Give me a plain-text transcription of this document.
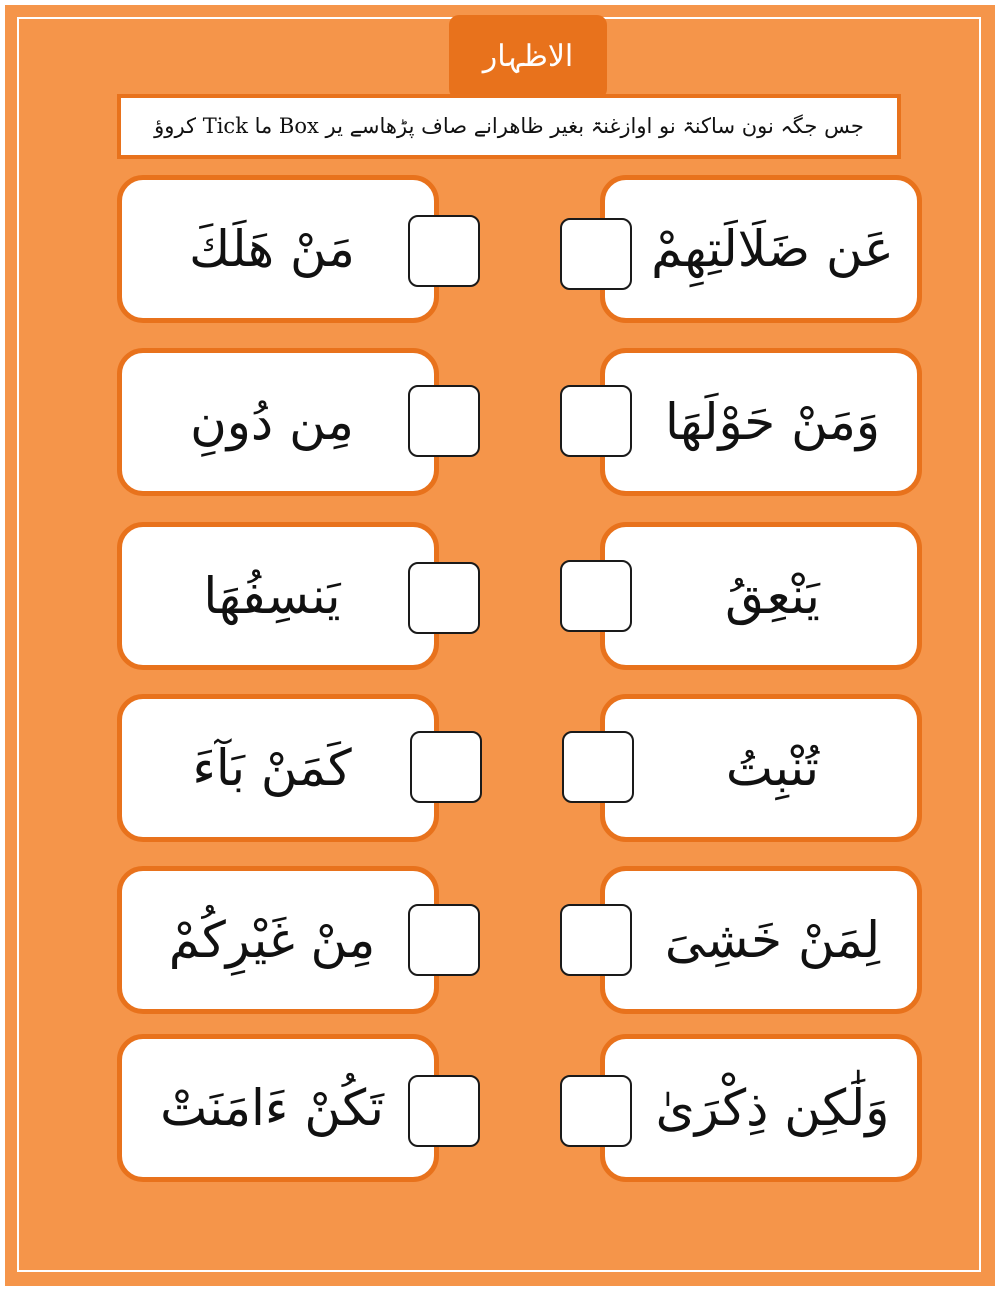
الاظہار
جس جگہ نون ساکنۃ نو اوازغنۃ بغیر ظاھرانے صاف پڑھاسے یر Box ما Tick کروؤ
مَنْ هَلَكَ	عَن ضَلَالَتِهِمْ
مِن دُونِ	وَمَنْ حَوْلَهَا
يَنسِفُهَا	يَنْعِقُ
كَمَنْ بَآءَ	تُنْبِتُ
مِنْ غَيْرِكُمْ	لِمَنْ خَشِىَ
تَكُنْ ءَامَنَتْ	وَلَٰكِن ذِكْرَىٰ
